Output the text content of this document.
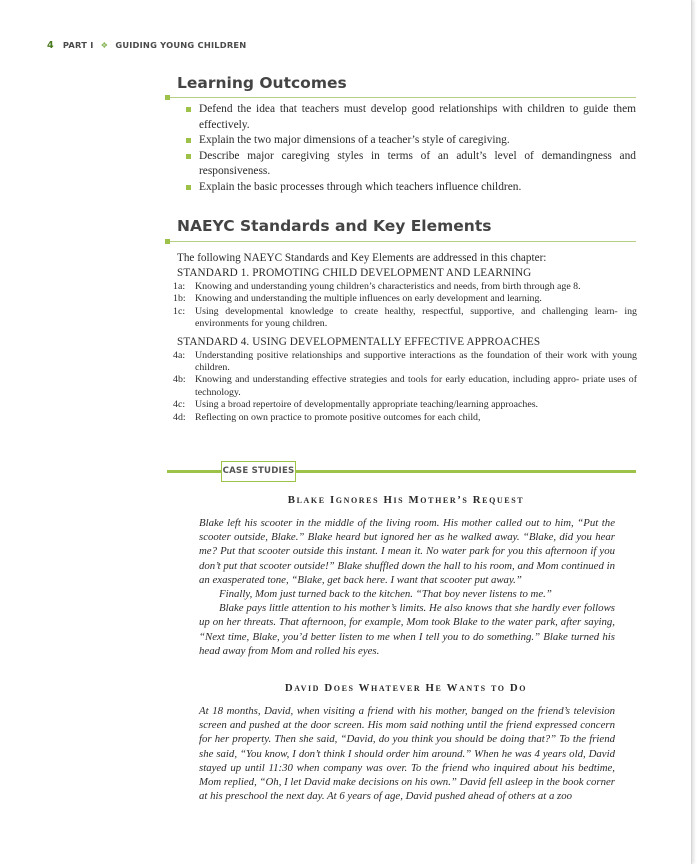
4 PART I ❖ GUIDING YOUNG CHILDREN
Learning Outcomes
Defend the idea that teachers must develop good relationships with children to guide them effectively.
Explain the two major dimensions of a teacher’s style of caregiving.
Describe major caregiving styles in terms of an adult’s level of demandingness and responsiveness.
Explain the basic processes through which teachers influence children.
NAEYC Standards and Key Elements
The following NAEYC Standards and Key Elements are addressed in this chapter:
STANDARD 1. PROMOTING CHILD DEVELOPMENT AND LEARNING
1a: Knowing and understanding young children’s characteristics and needs, from birth through age 8.
1b: Knowing and understanding the multiple influences on early development and learning.
1c: Using developmental knowledge to create healthy, respectful, supportive, and challenging learn- ing environments for young children.
STANDARD 4. USING DEVELOPMENTALLY EFFECTIVE APPROACHES
4a: Understanding positive relationships and supportive interactions as the foundation of their work with young children.
4b: Knowing and understanding effective strategies and tools for early education, including appro- priate uses of technology.
4c: Using a broad repertoire of developmentally appropriate teaching/learning approaches.
4d: Reflecting on own practice to promote positive outcomes for each child,
CASE STUDIES
Blake Ignores His Mother’s Request

Blake left his scooter in the middle of the living room. His mother called out to him, “Put the scooter outside, Blake.” Blake heard but ignored her as he walked away. “Blake, did you hear me? Put that scooter outside this instant. I mean it. No water park for you this afternoon if you don’t put that scooter outside!” Blake shuffled down the hall to his room, and Mom continued in an exasperated tone, “Blake, get back here. I want that scooter put away.”

Finally, Mom just turned back to the kitchen. “That boy never listens to me.”

Blake pays little attention to his mother’s limits. He also knows that she hardly ever follows up on her threats. That afternoon, for example, Mom took Blake to the water park, after saying, “Next time, Blake, you’d better listen to me when I tell you to do something.” Blake turned his head away from Mom and rolled his eyes.

David Does Whatever He Wants to Do

At 18 months, David, when visiting a friend with his mother, banged on the friend’s television screen and pushed at the door screen. His mom said nothing until the friend expressed concern for her property. Then she said, “David, do you think you should be doing that?” To the friend she said, “You know, I don’t think I should order him around.” When he was 4 years old, David stayed up until 11:30 when company was over. To the friend who inquired about his bedtime, Mom replied, “Oh, I let David make decisions on his own.” David fell asleep in the book corner at his preschool the next day. At 6 years of age, David pushed ahead of others at a zoo
